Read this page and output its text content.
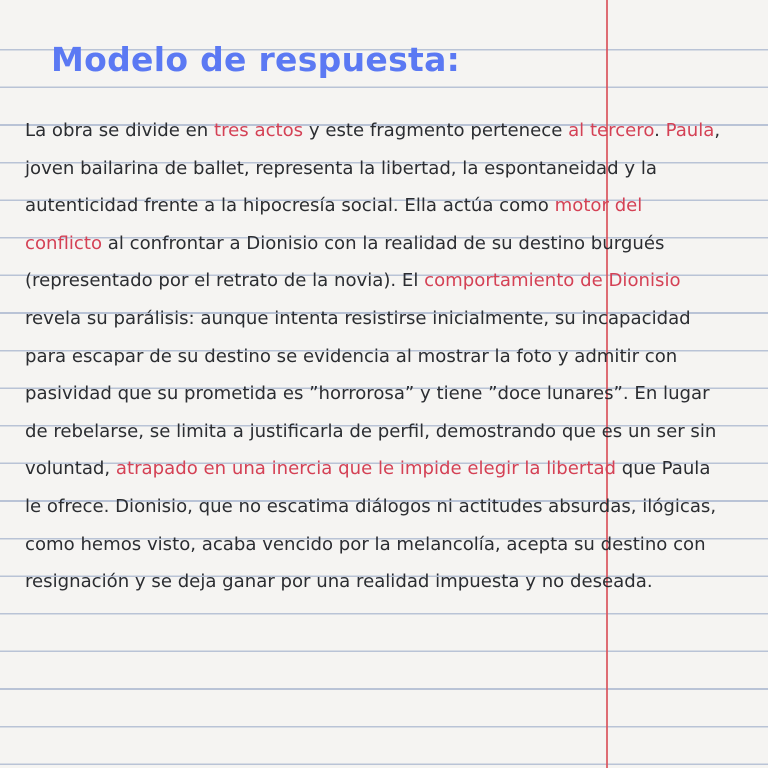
Modelo de respuesta:

La obra se divide en tres actos y este fragmento pertenece al tercero. Paula, joven bailarina de ballet, representa la libertad, la espontaneidad y la autenticidad frente a la hipocresía social. Ella actúa como motor del conflicto al confrontar a Dionisio con la realidad de su destino burgués (representado por el retrato de la novia). El comportamiento de Dionisio revela su parálisis: aunque intenta resistirse inicialmente, su incapacidad para escapar de su destino se evidencia al mostrar la foto y admitir con pasividad que su prometida es ”horrorosa” y tiene ”doce lunares”. En lugar de rebelarse, se limita a justificarla de perfil, demostrando que es un ser sin voluntad, atrapado en una inercia que le impide elegir la libertad que Paula le ofrece. Dionisio, que no escatima diálogos ni actitudes absurdas, ilógicas, como hemos visto, acaba vencido por la melancolía, acepta su destino con resignación y se deja ganar por una realidad impuesta y no deseada.
